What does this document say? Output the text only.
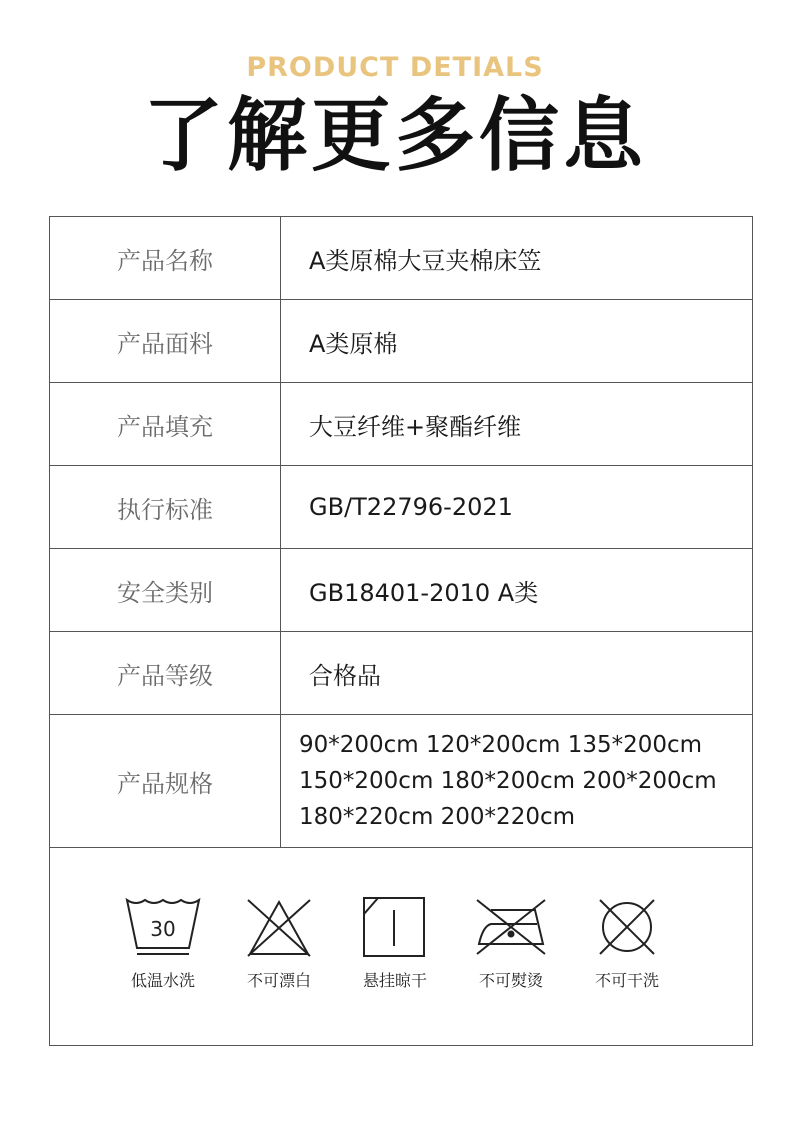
PRODUCT DETIALS
了解更多信息
产品名称	A类原棉大豆夹棉床笠
产品面料	A类原棉
产品填充	大豆纤维+聚酯纤维
执行标准	GB/T22796-2021
安全类别	GB18401-2010 A类
产品等级	合格品
产品规格	90*200cm 120*200cm 135*200cm
150*200cm 180*200cm 200*200cm
180*220cm 200*220cm
30
低温水洗	不可漂白	悬挂晾干	不可熨烫	不可干洗
